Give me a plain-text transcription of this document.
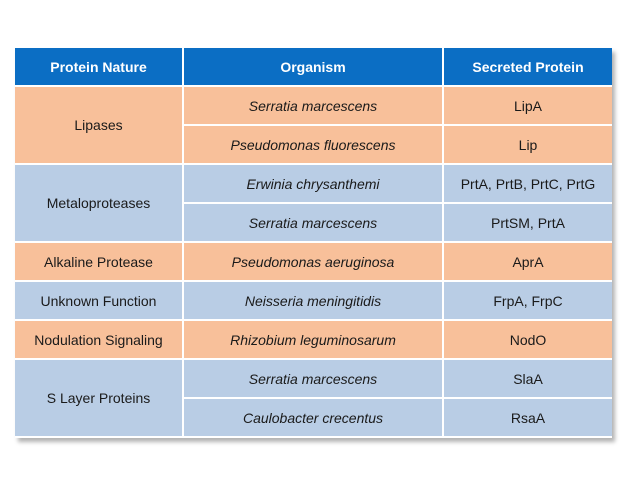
Protein Nature	Organism	Secreted Protein
Lipases	Serratia marcescens	LipA
	Pseudomonas fluorescens	Lip
Metaloproteases	Erwinia chrysanthemi	PrtA, PrtB, PrtC, PrtG
	Serratia marcescens	PrtSM, PrtA
Alkaline Protease	Pseudomonas aeruginosa	AprA
Unknown Function	Neisseria meningitidis	FrpA, FrpC
Nodulation Signaling	Rhizobium leguminosarum	NodO
S Layer Proteins	Serratia marcescens	SlaA
	Caulobacter crecentus	RsaA
